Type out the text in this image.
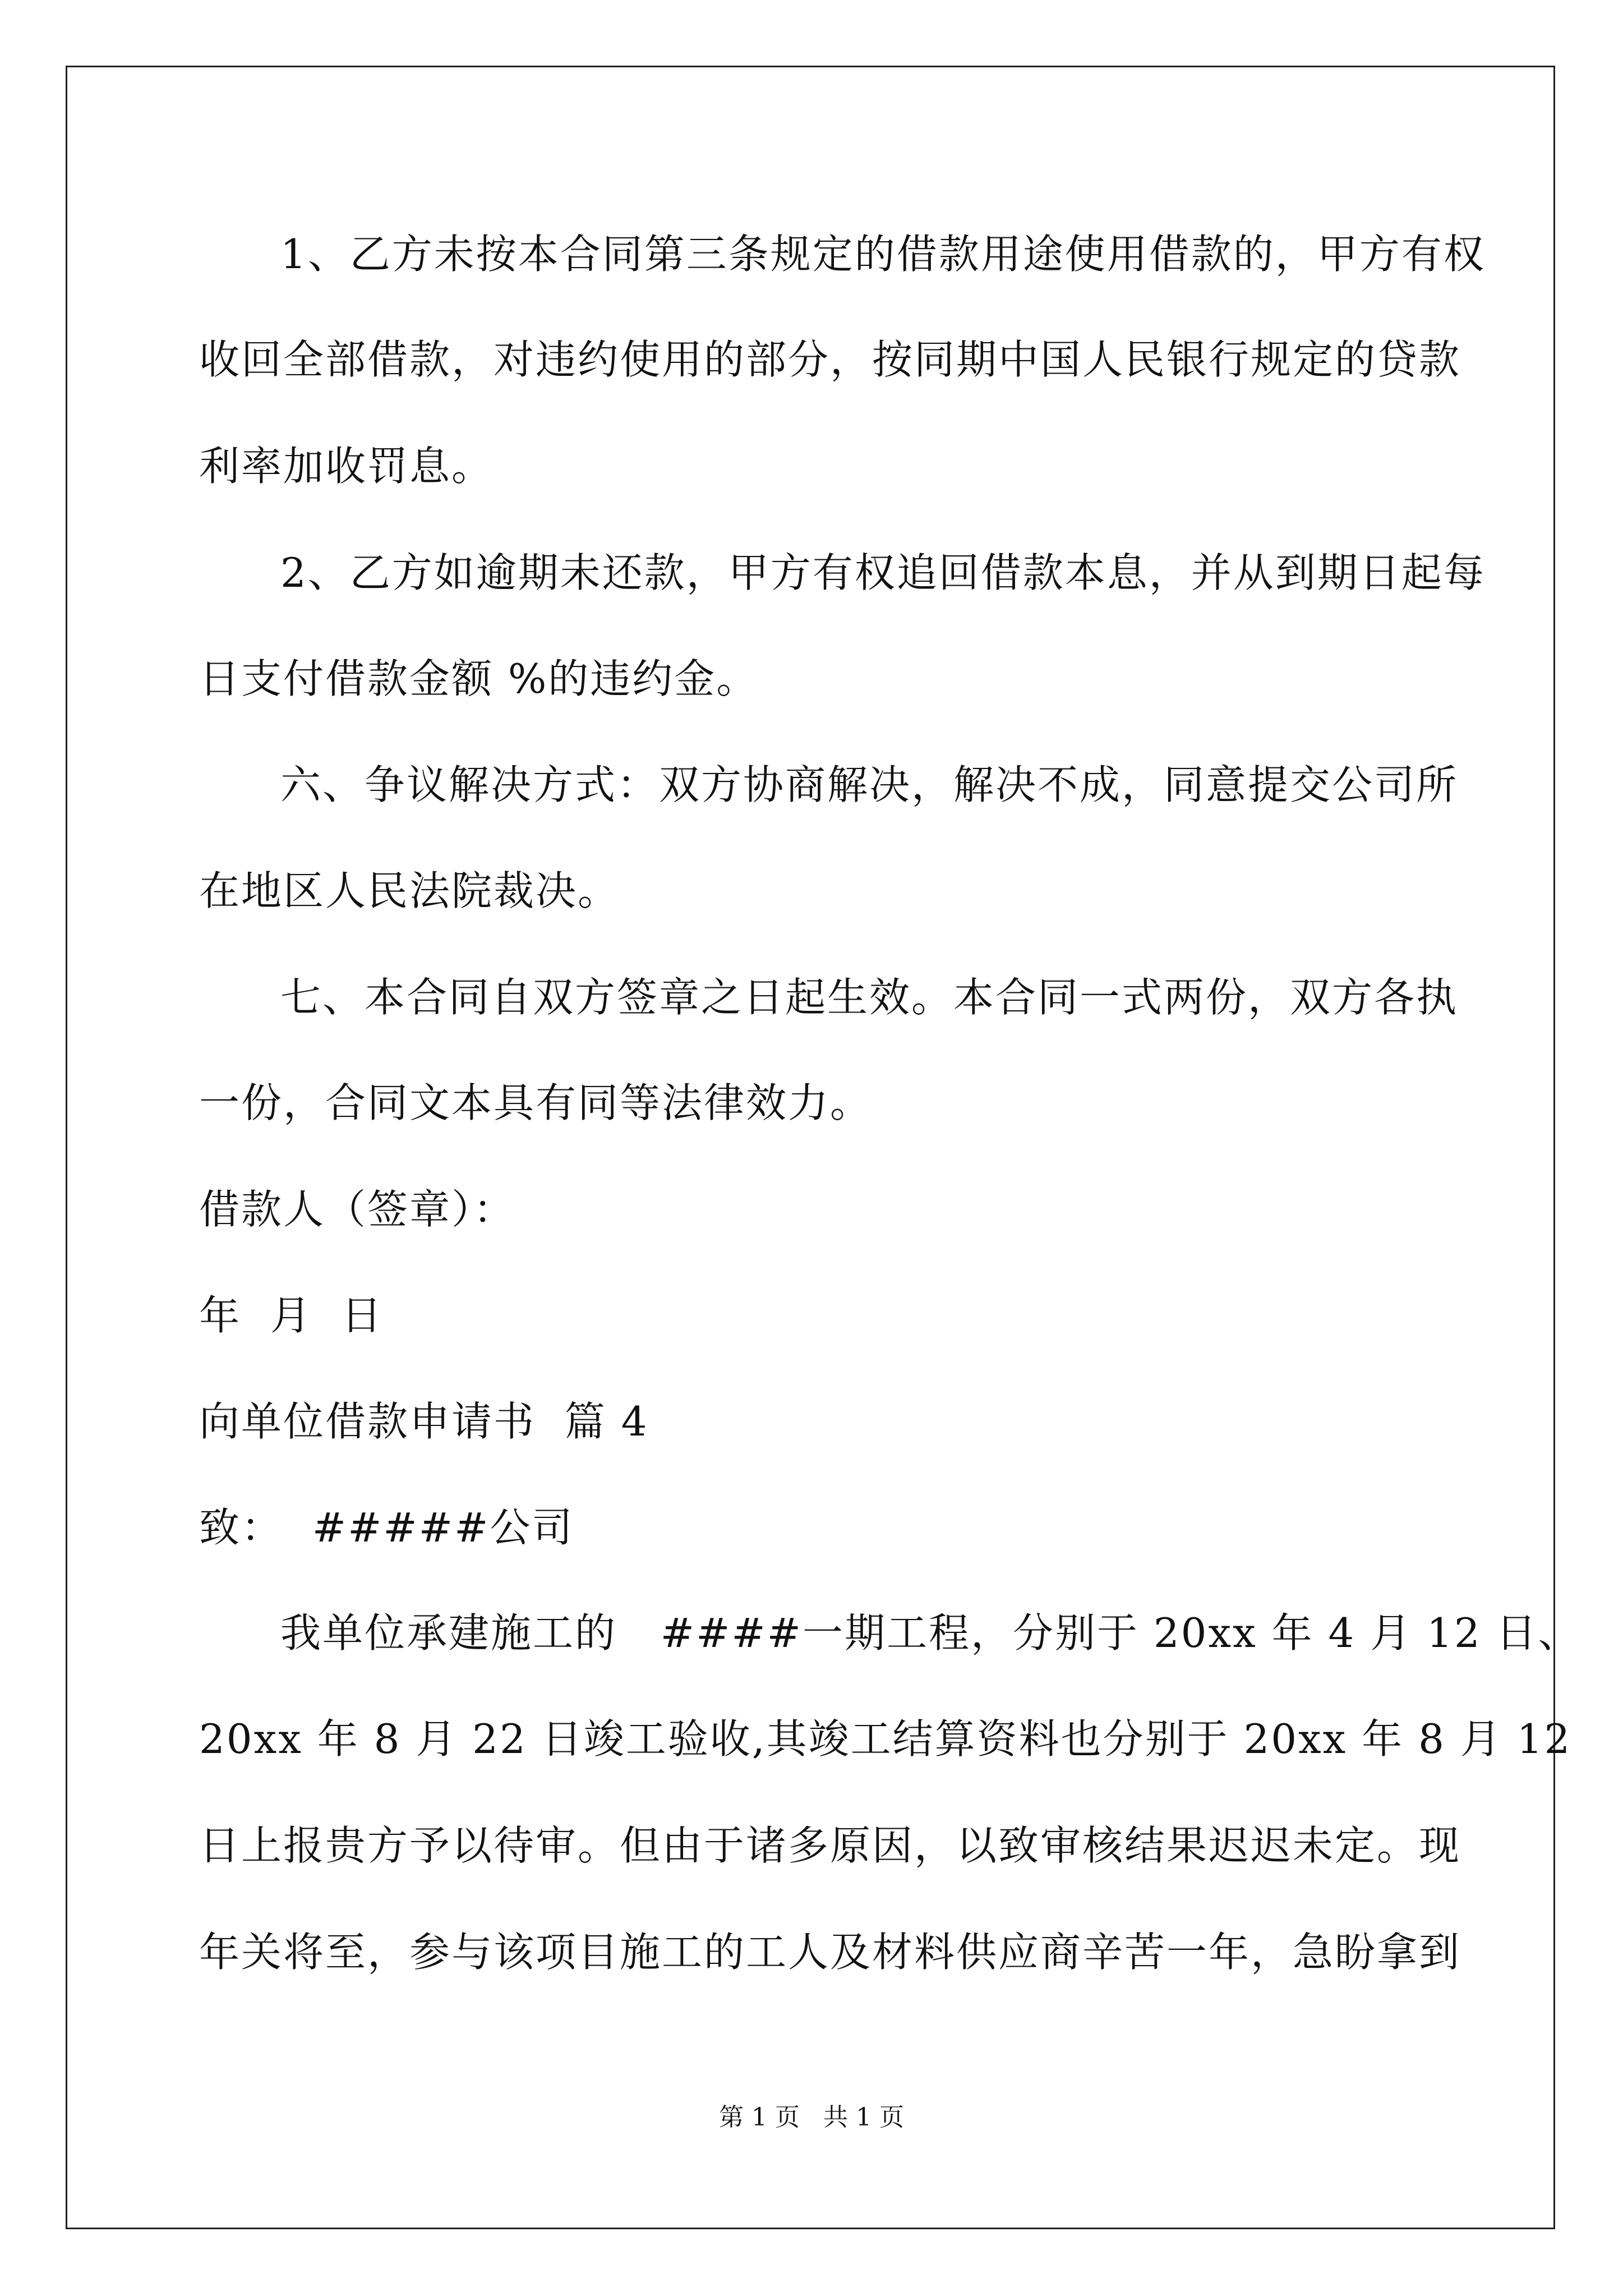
1、乙方未按本合同第三条规定的借款用途使用借款的，甲方有权
收回全部借款，对违约使用的部分，按同期中国人民银行规定的贷款
利率加收罚息。
2、乙方如逾期未还款，甲方有权追回借款本息，并从到期日起每
日支付借款金额 %的违约金。
六、争议解决方式：双方协商解决，解决不成，同意提交公司所
在地区人民法院裁决。
七、本合同自双方签章之日起生效。本合同一式两份，双方各执
一份，合同文本具有同等法律效力。
借款人（签章）：
年  月  日
向单位借款申请书  篇 4
致：  #####公司
我单位承建施工的   ####一期工程，分别于 20xx 年 4 月 12 日、
20xx 年 8 月 22 日竣工验收,其竣工结算资料也分别于 20xx 年 8 月 12
日上报贵方予以待审。但由于诸多原因，以致审核结果迟迟未定。现
年关将至，参与该项目施工的工人及材料供应商辛苦一年，急盼拿到
第 1 页   共 1 页
